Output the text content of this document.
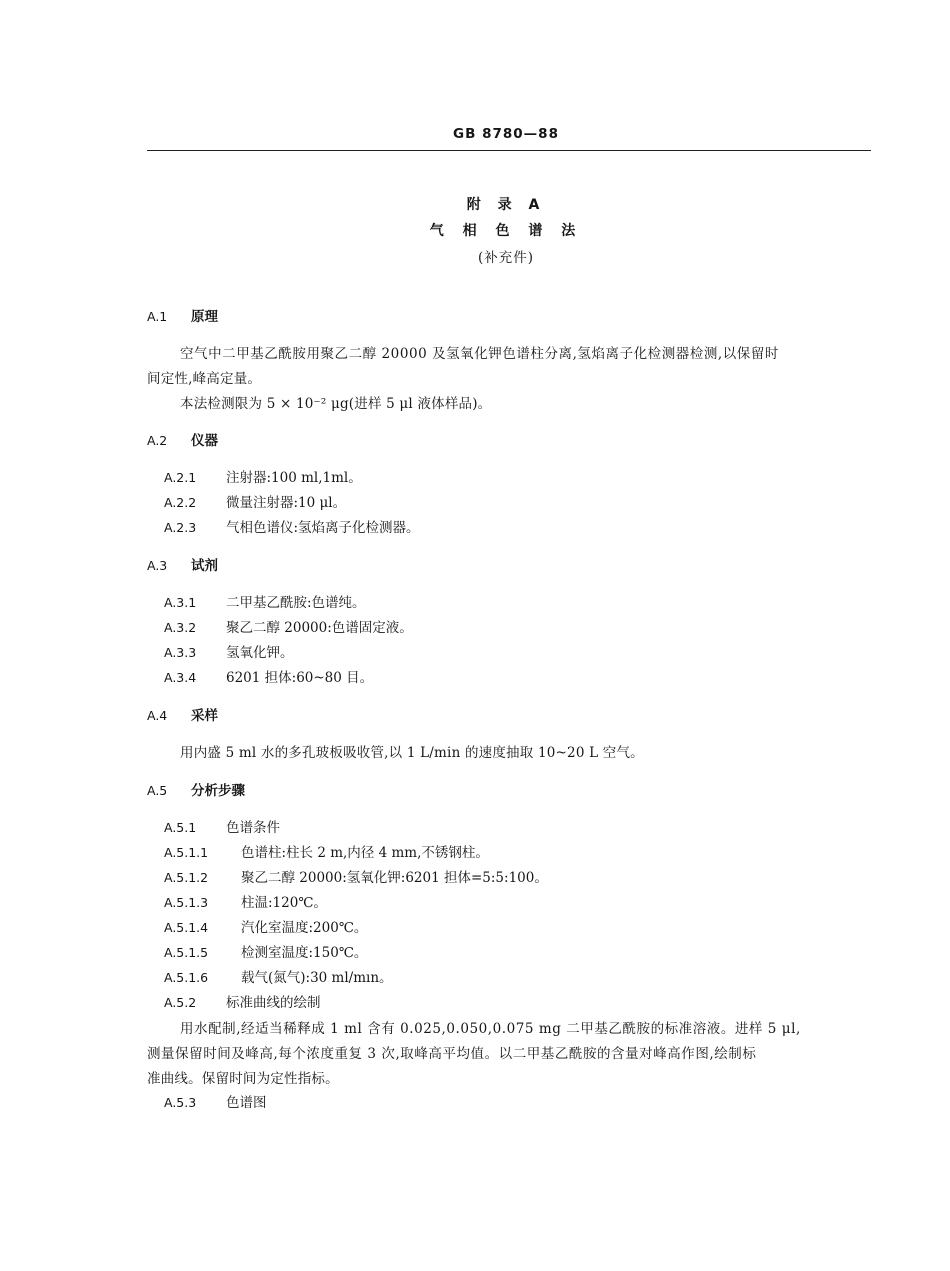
GB 8780—88
附 录 A
气 相 色 谱 法
(补充件)
A.1 原理
空气中二甲基乙酰胺用聚乙二醇 20000 及氢氧化钾色谱柱分离,氢焰离子化检测器检测,以保留时
间定性,峰高定量。
本法检测限为 5 × 10⁻² μg(进样 5 μl 液体样品)。
A.2 仪器
A.2.1 注射器:100 ml,1ml。
A.2.2 微量注射器:10 μl。
A.2.3 气相色谱仪:氢焰离子化检测器。
A.3 试剂
A.3.1 二甲基乙酰胺:色谱纯。
A.3.2 聚乙二醇 20000:色谱固定液。
A.3.3 氢氧化钾。
A.3.4 6201 担体:60~80 目。
A.4 采样
用内盛 5 ml 水的多孔玻板吸收管,以 1 L/min 的速度抽取 10~20 L 空气。
A.5 分析步骤
A.5.1 色谱条件
A.5.1.1 色谱柱:柱长 2 m,内径 4 mm,不锈钢柱。
A.5.1.2 聚乙二醇 20000:氢氧化钾:6201 担体=5:5:100。
A.5.1.3 柱温:120℃。
A.5.1.4 汽化室温度:200℃。
A.5.1.5 检测室温度:150℃。
A.5.1.6 载气(氮气):30 ml/mın。
A.5.2 标准曲线的绘制
用水配制,经适当稀释成 1 ml 含有 0.025,0.050,0.075 mg 二甲基乙酰胺的标准溶液。进样 5 μl,
测量保留时间及峰高,每个浓度重复 3 次,取峰高平均值。以二甲基乙酰胺的含量对峰高作图,绘制标
准曲线。保留时间为定性指标。
A.5.3 色谱图
